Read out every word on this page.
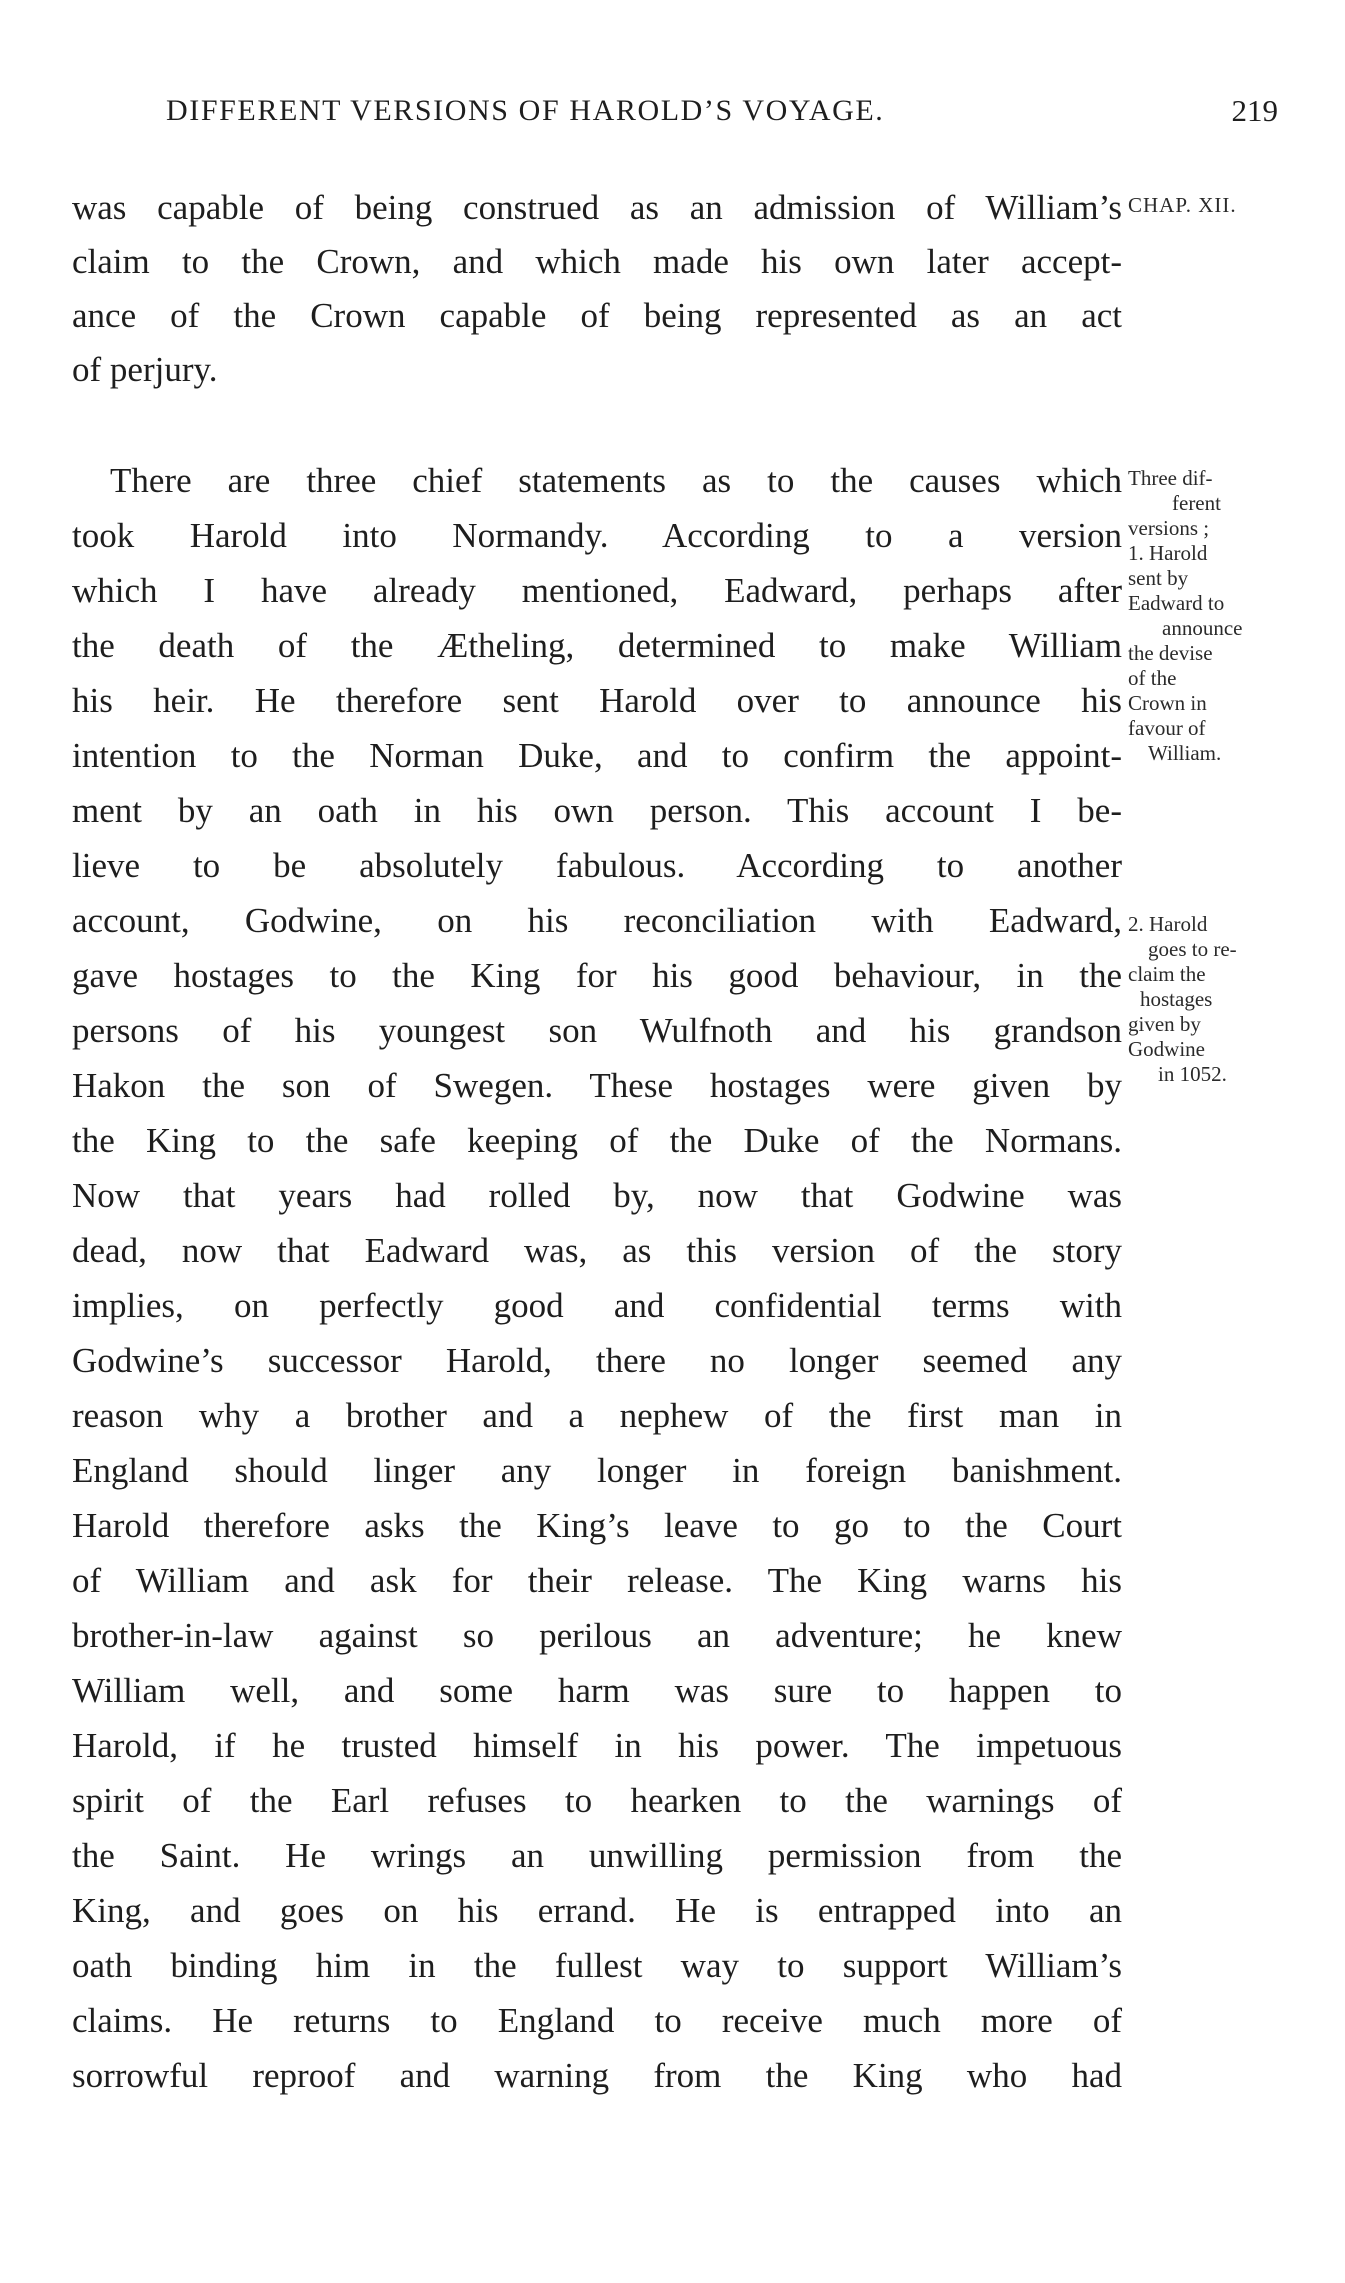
DIFFERENT VERSIONS OF HAROLD’S VOYAGE.	219
CHAP. XII.
was capable of being construed as an admission of William’s
claim to the Crown, and which made his own later accept-
ance of the Crown capable of being represented as an act
of perjury.
There are three chief statements as to the causes which
took Harold into Normandy. According to a version
which I have already mentioned, Eadward, perhaps after
the death of the Ætheling, determined to make William
his heir. He therefore sent Harold over to announce his
intention to the Norman Duke, and to confirm the appoint-
ment by an oath in his own person. This account I be-
lieve to be absolutely fabulous. According to another
account, Godwine, on his reconciliation with Eadward,
gave hostages to the King for his good behaviour, in the
persons of his youngest son Wulfnoth and his grandson
Hakon the son of Swegen. These hostages were given by
the King to the safe keeping of the Duke of the Normans.
Now that years had rolled by, now that Godwine was
dead, now that Eadward was, as this version of the story
implies, on perfectly good and confidential terms with
Godwine’s successor Harold, there no longer seemed any
reason why a brother and a nephew of the first man in
England should linger any longer in foreign banishment.
Harold therefore asks the King’s leave to go to the Court
of William and ask for their release. The King warns his
brother-in-law against so perilous an adventure; he knew
William well, and some harm was sure to happen to
Harold, if he trusted himself in his power. The impetuous
spirit of the Earl refuses to hearken to the warnings of
the Saint. He wrings an unwilling permission from the
King, and goes on his errand. He is entrapped into an
oath binding him in the fullest way to support William’s
claims. He returns to England to receive much more of
sorrowful reproof and warning from the King who had
Three dif-
ferent
versions ;
1. Harold
sent by
Eadward to
announce
the devise
of the
Crown in
favour of
William.
2. Harold
goes to re-
claim the
hostages
given by
Godwine
in 1052.
